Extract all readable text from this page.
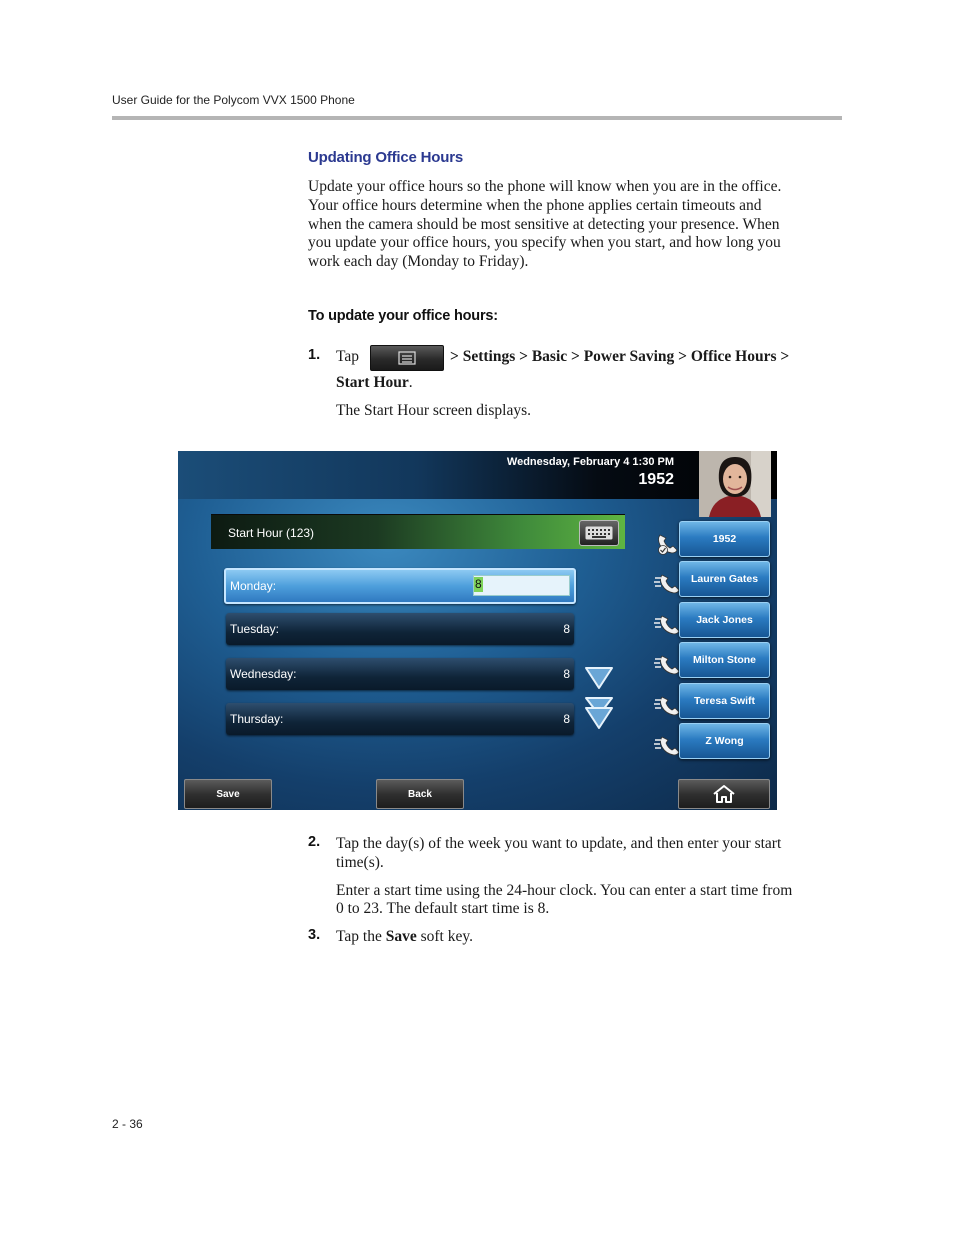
User Guide for the Polycom VVX 1500 Phone
Updating Office Hours
Update your office hours so the phone will know when you are in the office.
Your office hours determine when the phone applies certain timeouts and
when the camera should be most sensitive at detecting your presence. When
you update your office hours, you specify when you start, and how long you
work each day (Monday to Friday).
To update your office hours:
1. Tap	> Settings > Basic > Power Saving > Office Hours >
Start Hour.
The Start Hour screen displays.
Wednesday, February 4 1:30 PM
1952
Start Hour (123)
Monday:	8
Tuesday:	8
Wednesday:	8
Thursday:	8
1952
Lauren Gates
Jack Jones
Milton Stone
Teresa Swift
Z Wong
Save	Back
2. Tap the day(s) of the week you want to update, and then enter your start
time(s).
Enter a start time using the 24-hour clock. You can enter a start time from
0 to 23. The default start time is 8.
3. Tap the Save soft key.
2 - 36
